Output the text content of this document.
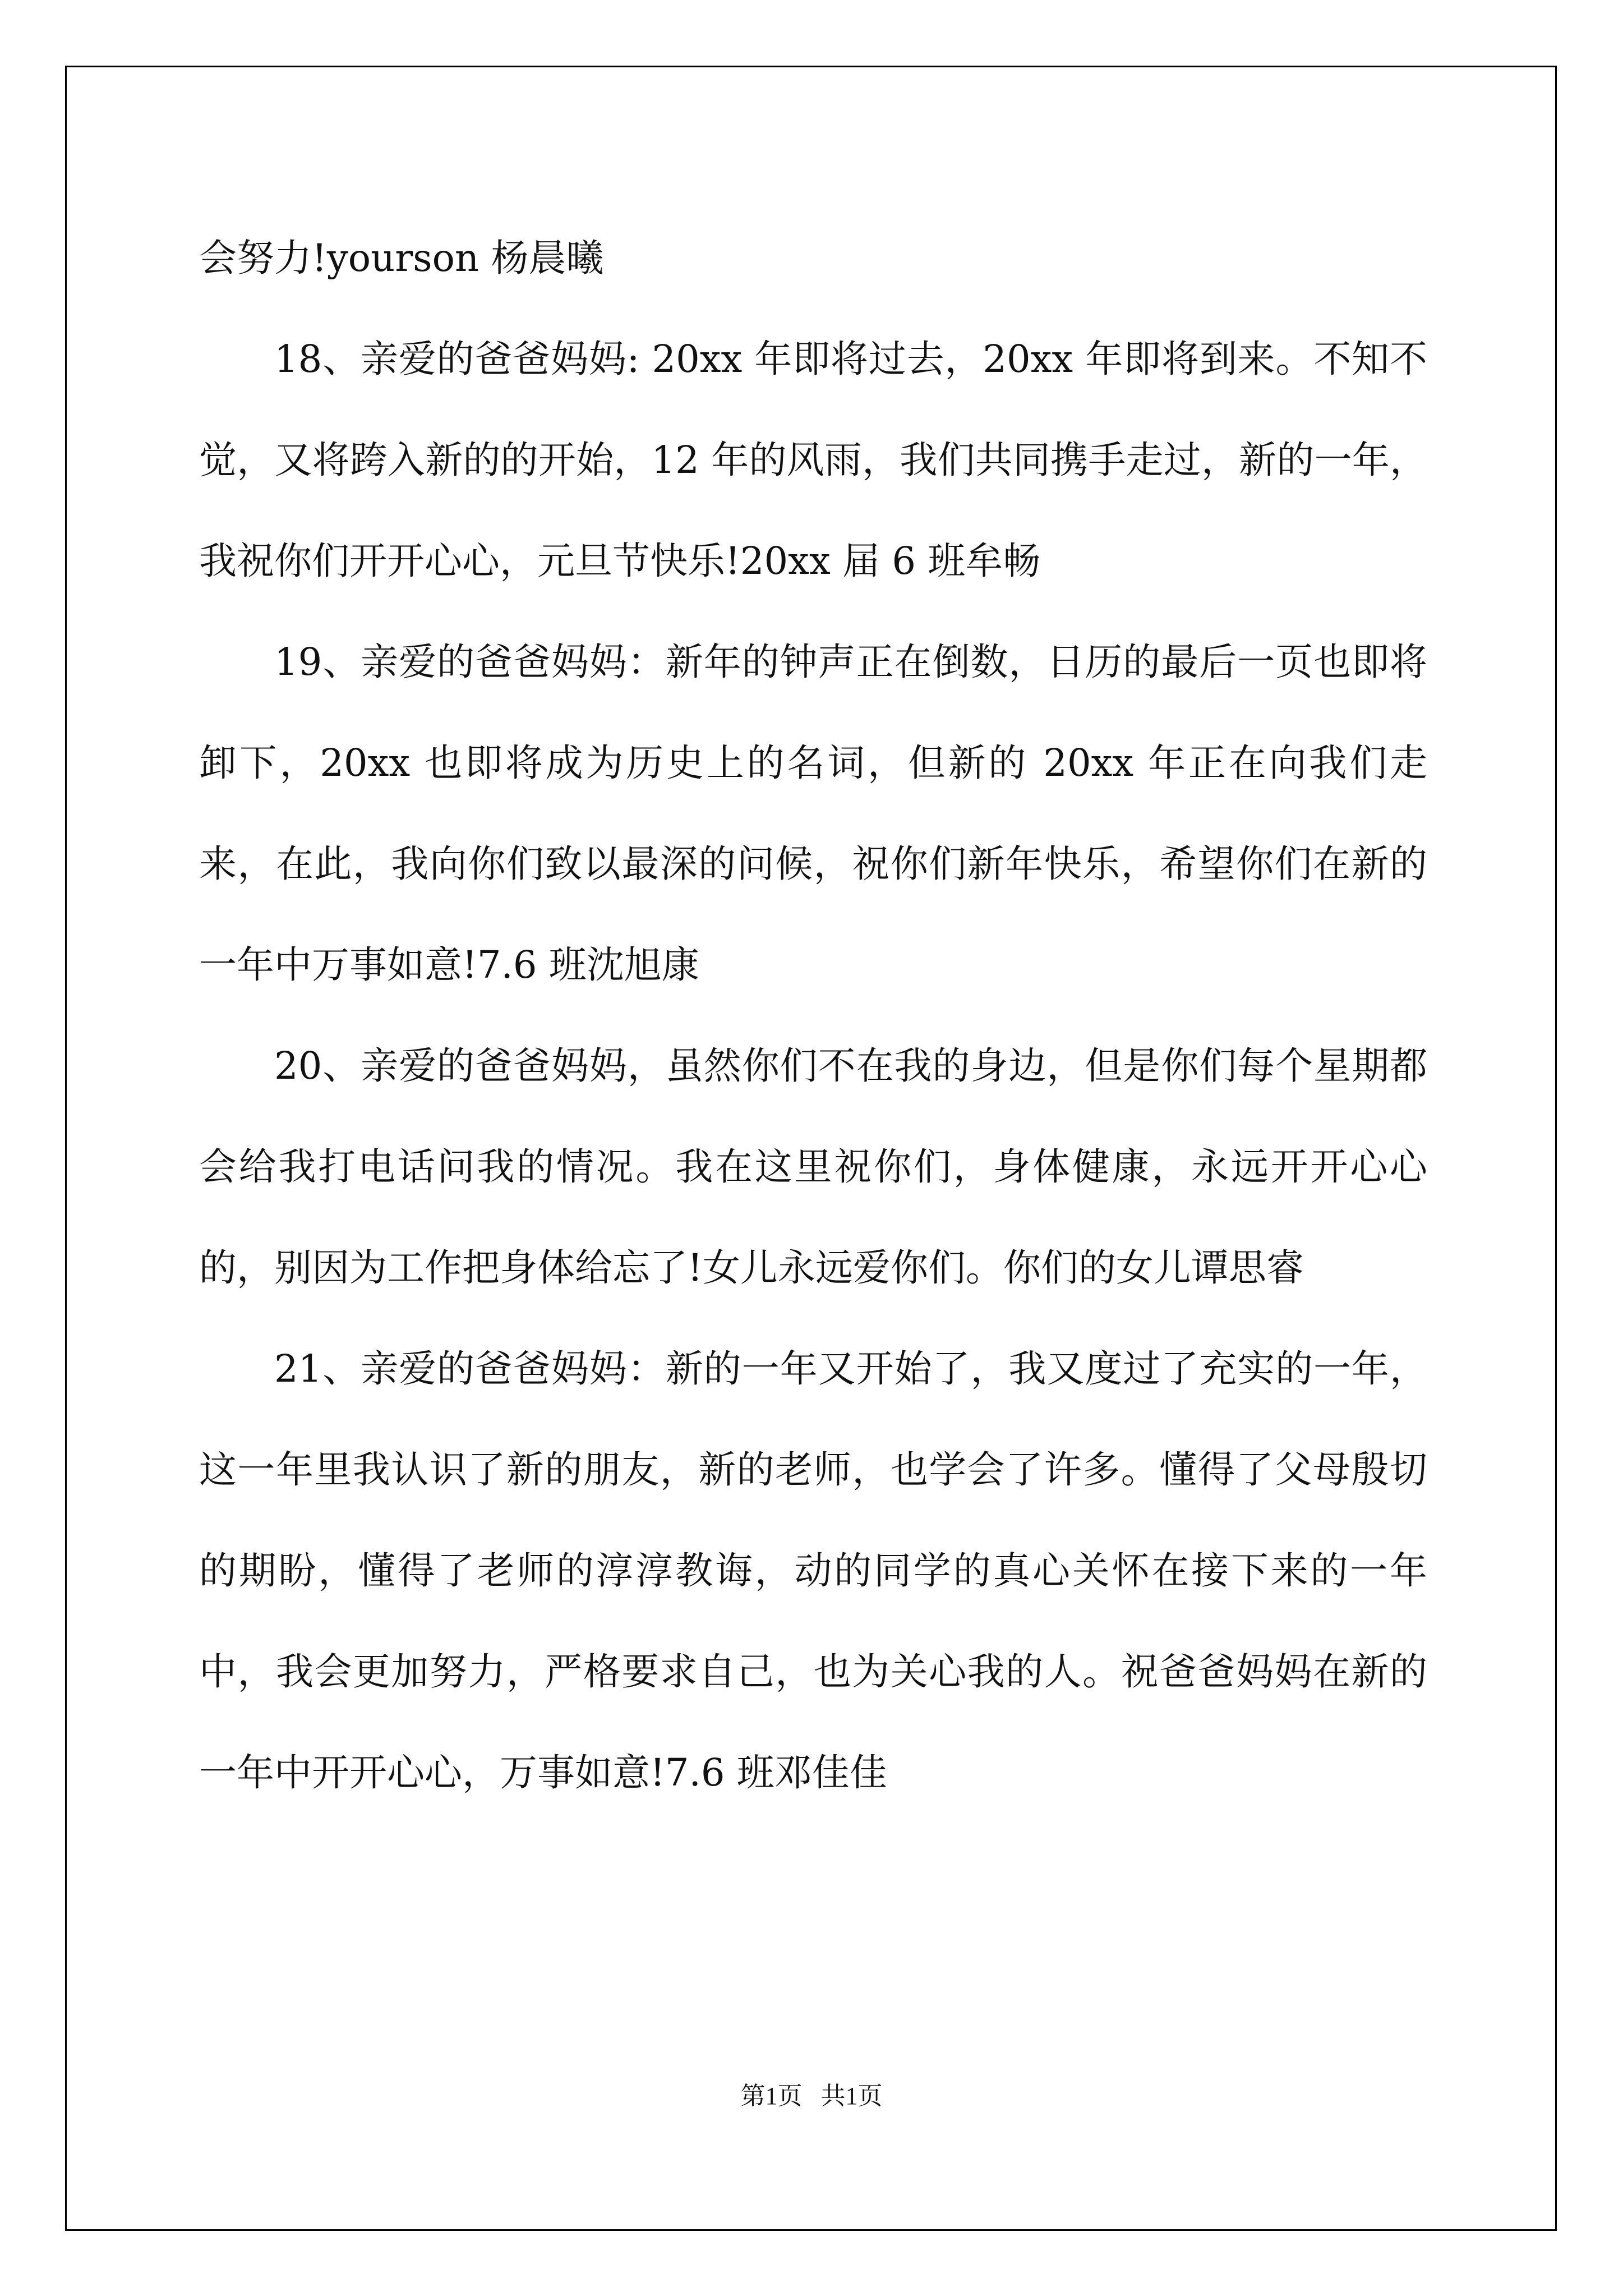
会努力!yourson 杨晨曦

18、亲爱的爸爸妈妈: 20xx 年即将过去，20xx 年即将到来。不知不觉，又将跨入新的的开始，12 年的风雨，我们共同携手走过，新的一年，我祝你们开开心心，元旦节快乐!20xx 届 6 班牟畅

19、亲爱的爸爸妈妈：新年的钟声正在倒数，日历的最后一页也即将卸下，20xx 也即将成为历史上的名词，但新的 20xx 年正在向我们走来，在此，我向你们致以最深的问候，祝你们新年快乐，希望你们在新的一年中万事如意!7.6 班沈旭康

20、亲爱的爸爸妈妈，虽然你们不在我的身边，但是你们每个星期都会给我打电话问我的情况。我在这里祝你们，身体健康，永远开开心心的，别因为工作把身体给忘了!女儿永远爱你们。你们的女儿谭思睿

21、亲爱的爸爸妈妈：新的一年又开始了，我又度过了充实的一年，这一年里我认识了新的朋友，新的老师，也学会了许多。懂得了父母殷切的期盼，懂得了老师的淳淳教诲，动的同学的真心关怀在接下来的一年中，我会更加努力，严格要求自己，也为关心我的人。祝爸爸妈妈在新的一年中开开心心，万事如意!7.6 班邓佳佳

第1页   共1页
